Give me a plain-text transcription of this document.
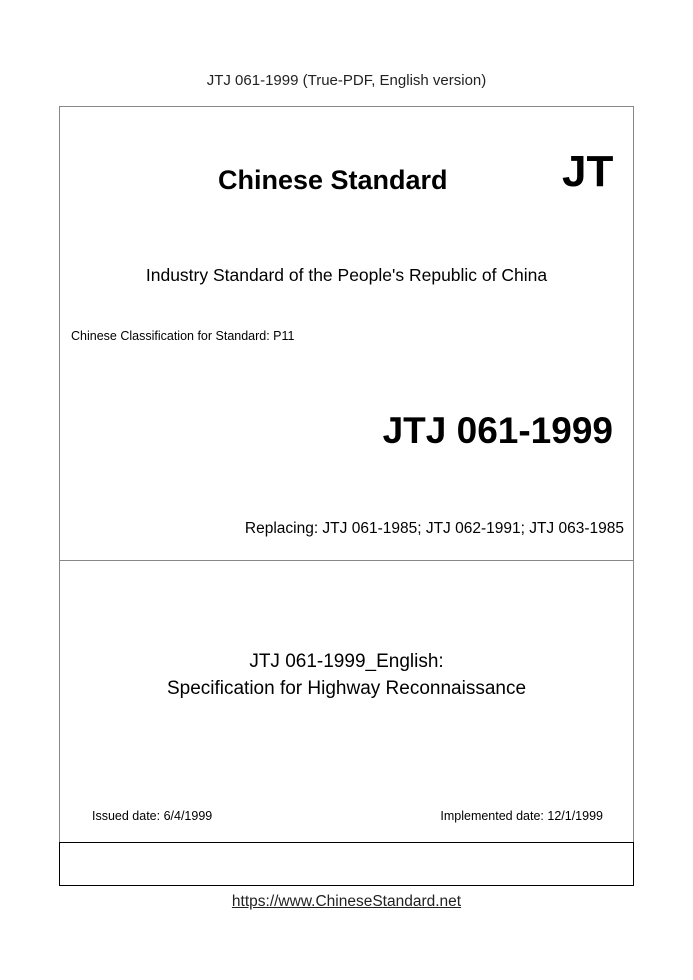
JTJ 061-1999 (True-PDF, English version)
Chinese Standard	JT
Industry Standard of the People's Republic of China
Chinese Classification for Standard: P11
JTJ 061-1999
Replacing: JTJ 061-1985; JTJ 062-1991; JTJ 063-1985
JTJ 061-1999_English:
Specification for Highway Reconnaissance
Issued date: 6/4/1999	Implemented date: 12/1/1999
https://www.ChineseStandard.net
